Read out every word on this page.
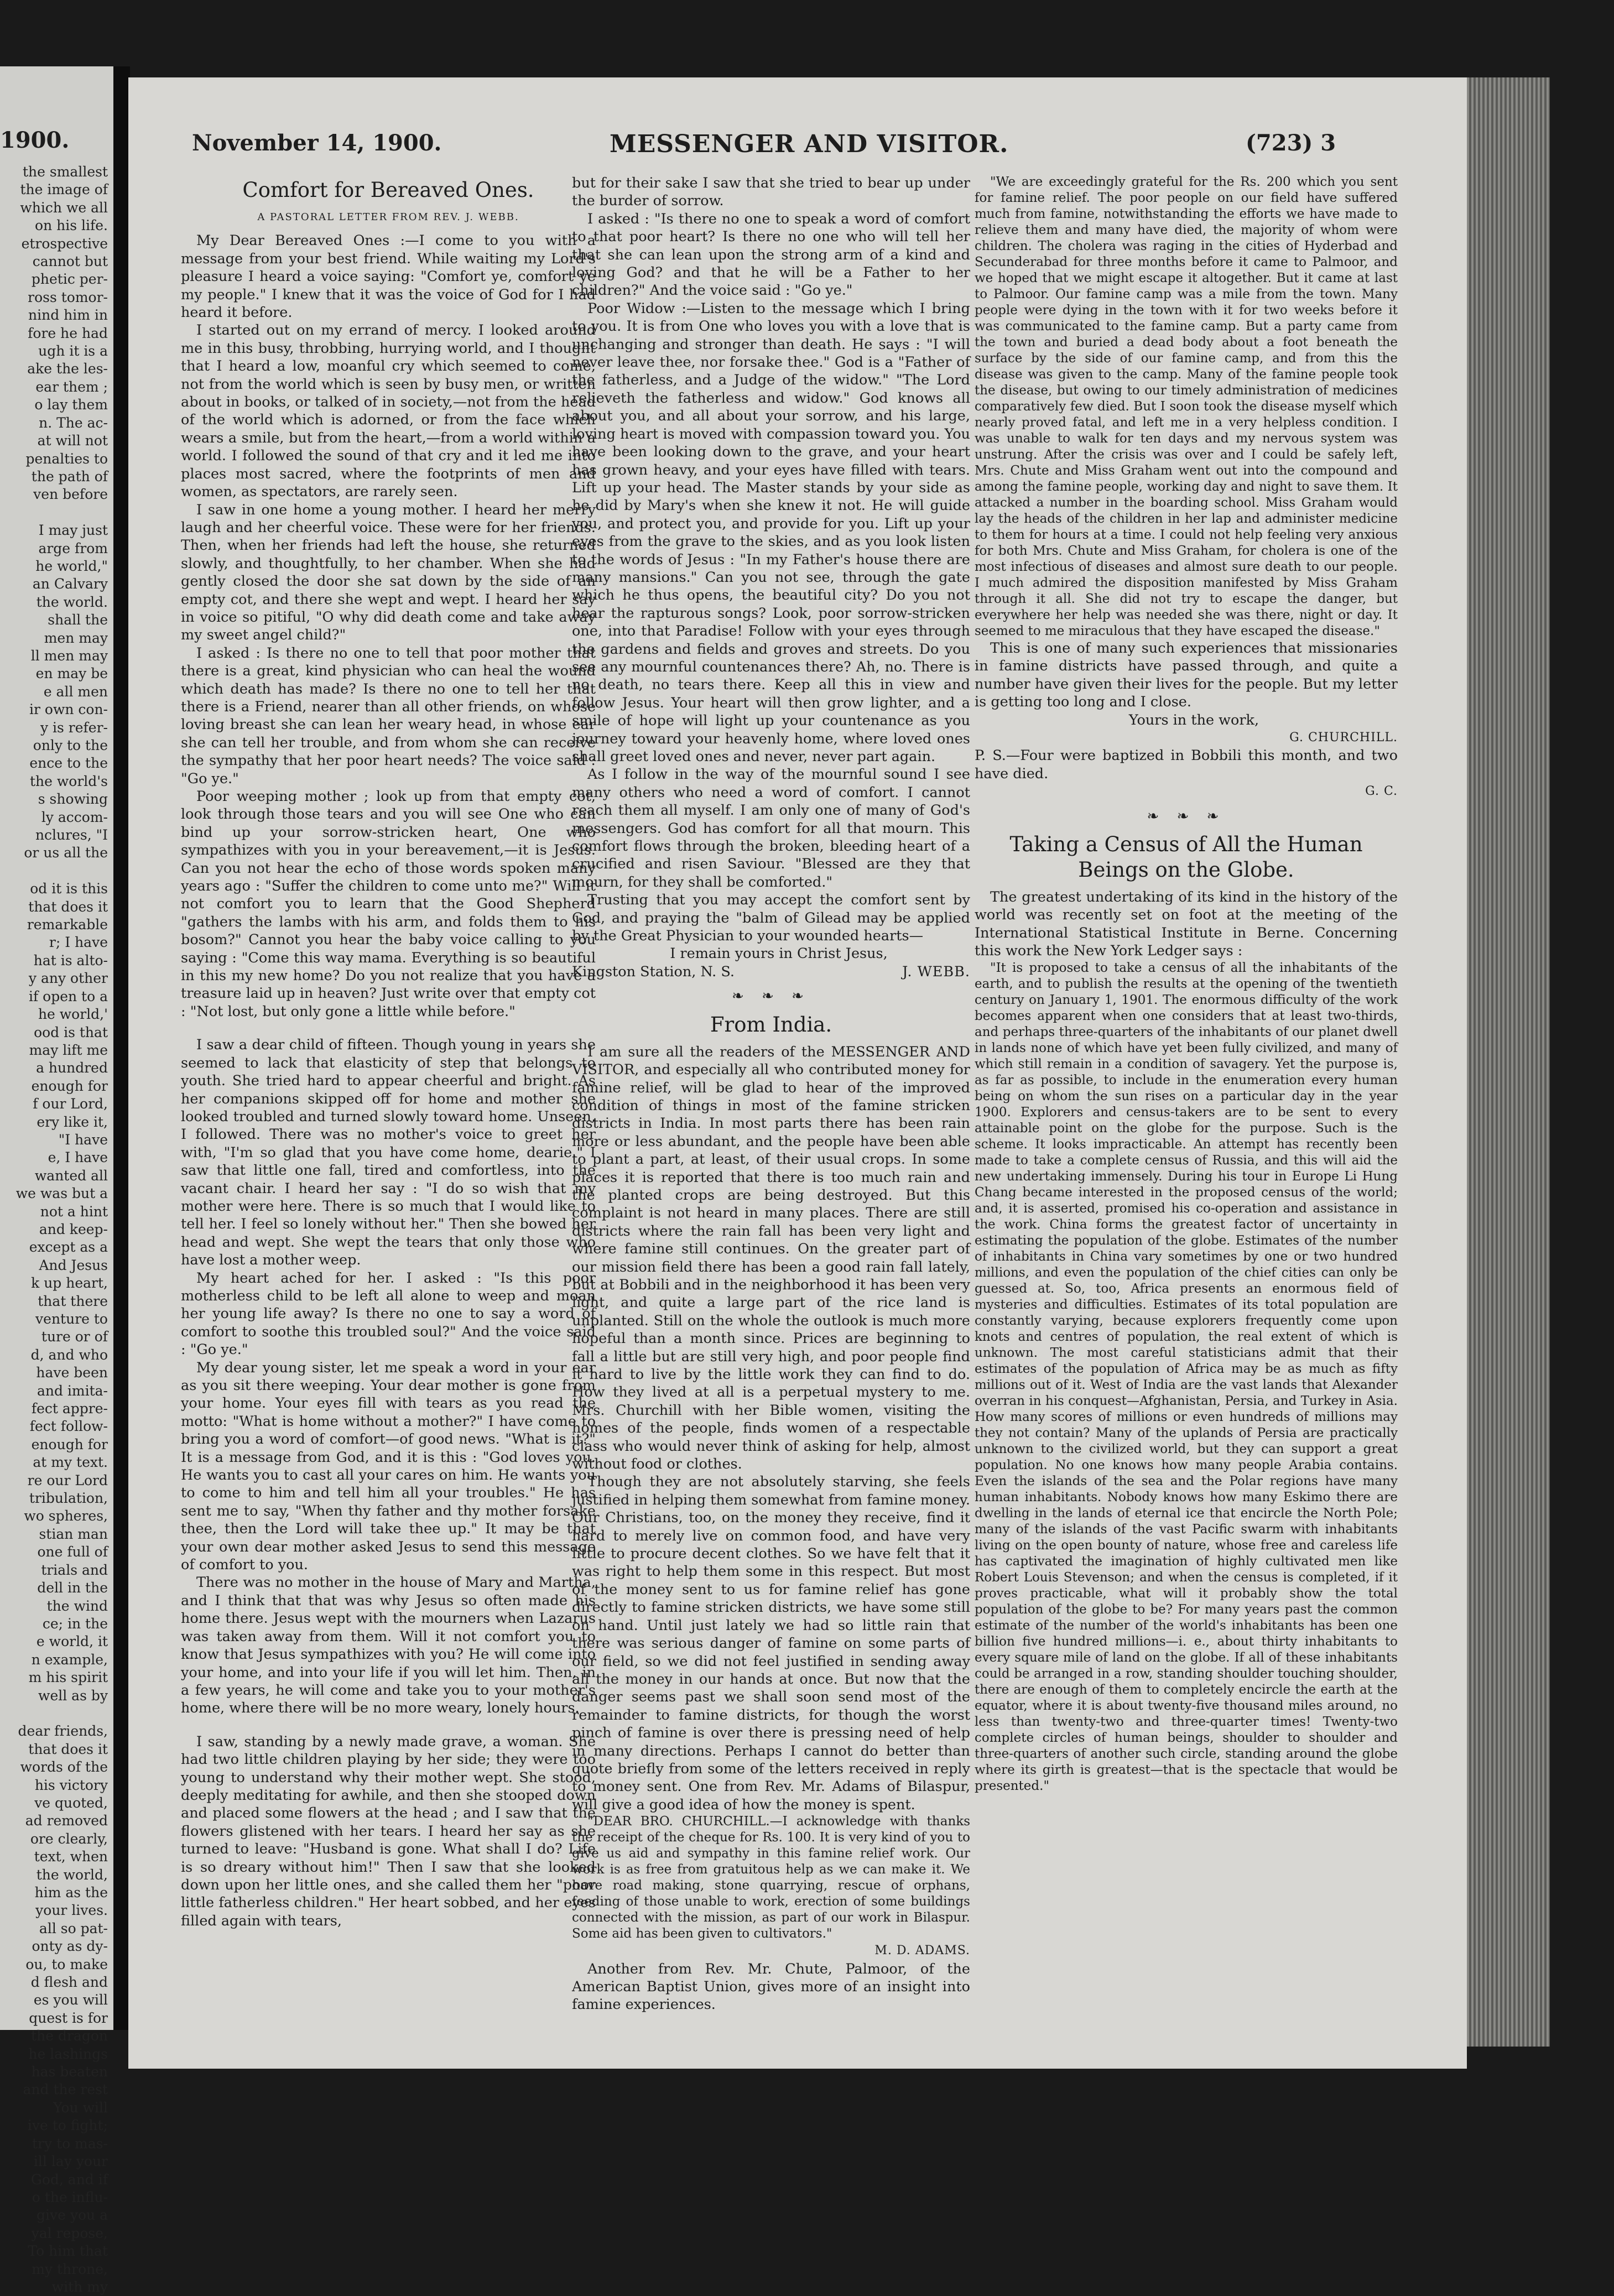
1900.
the smallest
the image of
which we all
on his life.
etrospective
cannot but
phetic per-
ross tomor-
nind him in
fore he had
ugh it is a
ake the les-
ear them ;
o lay them
n. The ac-
at will not
penalties to
the path of
ven before

I may just
arge from
he world,"
an Calvary
the world.
shall the
men may
ll men may
en may be
e all men
ir own con-
y is refer-
only to the
ence to the
the world's
s showing
ly accom-
nclures, "I
or us all the

od it is this
that does it
remarkable
r; I have
hat is alto-
y any other
if open to a
he world,'
ood is that
may lift me
a hundred
enough for
f our Lord,
ery like it,
"I have
e, I have
wanted all
we was but a
not a hint
and keep-
except as a
And Jesus
k up heart,
that there
venture to
ture or of
d, and who
have been
and imita-
fect appre-
fect follow-
enough for
at my text.
re our Lord
tribulation,
wo spheres,
stian man
one full of
trials and
dell in the
the wind
ce; in the
e world, it
n example,
m his spirit
well as by

dear friends,
that does it
words of the
his victory
ve quoted,
ad removed
ore clearly,
text, when
the world,
him as the
your lives.
all so pat-
onty as dy-
ou, to make
d flesh and
es you will
quest is for
the dragon
he lashings
has beaten
and the rest
You will
ive to fight;
try to mas-
ill lay your
God, and if
o the influ-
give you a
yal repose,
To him that
my throne,
with my
November 14, 1900.	MESSENGER AND VISITOR.	(723) 3
Comfort for Bereaved Ones.
A PASTORAL LETTER FROM REV. J. WEBB.

My Dear Bereaved Ones :—I come to you with a message from your best friend. While waiting my Lord's pleasure I heard a voice saying: "Comfort ye, comfort ye my people." I knew that it was the voice of God for I had heard it before.

I started out on my errand of mercy. I looked around me in this busy, throbbing, hurrying world, and I thought that I heard a low, moanful cry which seemed to come, not from the world which is seen by busy men, or written about in books, or talked of in society,—not from the head of the world which is adorned, or from the face which wears a smile, but from the heart,—from a world within a world. I followed the sound of that cry and it led me into places most sacred, where the footprints of men and women, as spectators, are rarely seen.

I saw in one home a young mother. I heard her merry laugh and her cheerful voice. These were for her friends. Then, when her friends had left the house, she returned slowly, and thoughtfully, to her chamber. When she had gently closed the door she sat down by the side of an empty cot, and there she wept and wept. I heard her say in voice so pitiful, "O why did death come and take away my sweet angel child?"

I asked : Is there no one to tell that poor mother that there is a great, kind physician who can heal the wound which death has made? Is there no one to tell her that there is a Friend, nearer than all other friends, on whose loving breast she can lean her weary head, in whose ear she can tell her trouble, and from whom she can receive the sympathy that her poor heart needs? The voice said : "Go ye."

Poor weeping mother ; look up from that empty cot, look through those tears and you will see One who can bind up your sorrow-stricken heart, One who sympathizes with you in your bereavement,—it is Jesus. Can you not hear the echo of those words spoken many years ago : "Suffer the children to come unto me?" Will it not comfort you to learn that the Good Shepherd "gathers the lambs with his arm, and folds them to his bosom?" Cannot you hear the baby voice calling to you saying : "Come this way mama. Everything is so beautiful in this my new home? Do you not realize that you have a treasure laid up in heaven? Just write over that empty cot : "Not lost, but only gone a little while before."

I saw a dear child of fifteen. Though young in years she seemed to lack that elasticity of step that belongs to youth. She tried hard to appear cheerful and bright. As her companions skipped off for home and mother she looked troubled and turned slowly toward home. Unseen, I followed. There was no mother's voice to greet her with, "I'm so glad that you have come home, dearie." I saw that little one fall, tired and comfortless, into the vacant chair. I heard her say : "I do so wish that my mother were here. There is so much that I would like to tell her. I feel so lonely without her." Then she bowed her head and wept. She wept the tears that only those who have lost a mother weep.

My heart ached for her. I asked : "Is this poor motherless child to be left all alone to weep and moan her young life away? Is there no one to say a word of comfort to soothe this troubled soul?" And the voice said : "Go ye."

My dear young sister, let me speak a word in your ear as you sit there weeping. Your dear mother is gone from your home. Your eyes fill with tears as you read the motto: "What is home without a mother?" I have come to bring you a word of comfort—of good news. "What is it?" It is a message from God, and it is this : "God loves you. He wants you to cast all your cares on him. He wants you to come to him and tell him all your troubles." He has sent me to say, "When thy father and thy mother forsake thee, then the Lord will take thee up." It may be that your own dear mother asked Jesus to send this message of comfort to you.

There was no mother in the house of Mary and Martha, and I think that that was why Jesus so often made his home there. Jesus wept with the mourners when Lazarus was taken away from them. Will it not comfort you to know that Jesus sympathizes with you? He will come into your home, and into your life if you will let him. Then, in a few years, he will come and take you to your mother's home, where there will be no more weary, lonely hours.

I saw, standing by a newly made grave, a woman. She had two little children playing by her side; they were too young to understand why their mother wept. She stood, deeply meditating for awhile, and then she stooped down and placed some flowers at the head ; and I saw that the flowers glistened with her tears. I heard her say as she turned to leave: "Husband is gone. What shall I do? Life is so dreary without him!" Then I saw that she looked down upon her little ones, and she called them her "poor little fatherless children." Her heart sobbed, and her eyes filled again with tears,

but for their sake I saw that she tried to bear up under the burder of sorrow.

I asked : "Is there no one to speak a word of comfort to that poor heart? Is there no one who will tell her that she can lean upon the strong arm of a kind and loving God? and that he will be a Father to her children?" And the voice said : "Go ye."

Poor Widow :—Listen to the message which I bring to you. It is from One who loves you with a love that is unchanging and stronger than death. He says : "I will never leave thee, nor forsake thee." God is a "Father of the fatherless, and a Judge of the widow." "The Lord relieveth the fatherless and widow." God knows all about you, and all about your sorrow, and his large, loving heart is moved with compassion toward you. You have been looking down to the grave, and your heart has grown heavy, and your eyes have filled with tears. Lift up your head. The Master stands by your side as he did by Mary's when she knew it not. He will guide you, and protect you, and provide for you. Lift up your eyes from the grave to the skies, and as you look listen to the words of Jesus : "In my Father's house there are many mansions." Can you not see, through the gate which he thus opens, the beautiful city? Do you not hear the rapturous songs? Look, poor sorrow-stricken one, into that Paradise! Follow with your eyes through the gardens and fields and groves and streets. Do you see any mournful countenances there? Ah, no. There is no death, no tears there. Keep all this in view and follow Jesus. Your heart will then grow lighter, and a smile of hope will light up your countenance as you journey toward your heavenly home, where loved ones shall greet loved ones and never, never part again.

As I follow in the way of the mournful sound I see many others who need a word of comfort. I cannot reach them all myself. I am only one of many of God's messengers. God has comfort for all that mourn. This comfort flows through the broken, bleeding heart of a crucified and risen Saviour. "Blessed are they that mourn, for they shall be comforted."

Trusting that you may accept the comfort sent by God, and praying the "balm of Gilead may be applied by the Great Physician to your wounded hearts—

I remain yours in Christ Jesus,

Kingston Station, N. S.	J. WEBB.
❧ ❧ ❧
From India.

I am sure all the readers of the MESSENGER AND VISITOR, and especially all who contributed money for famine relief, will be glad to hear of the improved condition of things in most of the famine stricken districts in India. In most parts there has been rain more or less abundant, and the people have been able to plant a part, at least, of their usual crops. In some places it is reported that there is too much rain and the planted crops are being destroyed. But this complaint is not heard in many places. There are still districts where the rain fall has been very light and where famine still continues. On the greater part of our mission field there has been a good rain fall lately, but at Bobbili and in the neighborhood it has been very light, and quite a large part of the rice land is unplanted. Still on the whole the outlook is much more hopeful than a month since. Prices are beginning to fall a little but are still very high, and poor people find it hard to live by the little work they can find to do. How they lived at all is a perpetual mystery to me. Mrs. Churchill with her Bible women, visiting the homes of the people, finds women of a respectable class who would never think of asking for help, almost without food or clothes.

Though they are not absolutely starving, she feels justified in helping them somewhat from famine money. Our Christians, too, on the money they receive, find it hard to merely live on common food, and have very little to procure decent clothes. So we have felt that it was right to help them some in this respect. But most of the money sent to us for famine relief has gone directly to famine stricken districts, we have some still on hand. Until just lately we had so little rain that there was serious danger of famine on some parts of our field, so we did not feel justified in sending away all the money in our hands at once. But now that the danger seems past we shall soon send most of the remainder to famine districts, for though the worst pinch of famine is over there is pressing need of help in many directions. Perhaps I cannot do better than quote briefly from some of the letters received in reply to money sent. One from Rev. Mr. Adams of Bilaspur, will give a good idea of how the money is spent.

"DEAR BRO. CHURCHILL.—I acknowledge with thanks the receipt of the cheque for Rs. 100. It is very kind of you to give us aid and sympathy in this famine relief work. Our work is as free from gratuitous help as we can make it. We have road making, stone quarrying, rescue of orphans, feeding of those unable to work, erection of some buildings connected with the mission, as part of our work in Bilaspur. Some aid has been given to cultivators."

M. D. ADAMS.

Another from Rev. Mr. Chute, Palmoor, of the American Baptist Union, gives more of an insight into famine experiences.

"We are exceedingly grateful for the Rs. 200 which you sent for famine relief. The poor people on our field have suffered much from famine, notwithstanding the efforts we have made to relieve them and many have died, the majority of whom were children. The cholera was raging in the cities of Hyderbad and Secunderabad for three months before it came to Palmoor, and we hoped that we might escape it altogether. But it came at last to Palmoor. Our famine camp was a mile from the town. Many people were dying in the town with it for two weeks before it was communicated to the famine camp. But a party came from the town and buried a dead body about a foot beneath the surface by the side of our famine camp, and from this the disease was given to the camp. Many of the famine people took the disease, but owing to our timely administration of medicines comparatively few died. But I soon took the disease myself which nearly proved fatal, and left me in a very helpless condition. I was unable to walk for ten days and my nervous system was unstrung. After the crisis was over and I could be safely left, Mrs. Chute and Miss Graham went out into the compound and among the famine people, working day and night to save them. It attacked a number in the boarding school. Miss Graham would lay the heads of the children in her lap and administer medicine to them for hours at a time. I could not help feeling very anxious for both Mrs. Chute and Miss Graham, for cholera is one of the most infectious of diseases and almost sure death to our people. I much admired the disposition manifested by Miss Graham through it all. She did not try to escape the danger, but everywhere her help was needed she was there, night or day. It seemed to me miraculous that they have escaped the disease."

This is one of many such experiences that missionaries in famine districts have passed through, and quite a number have given their lives for the people. But my letter is getting too long and I close.

Yours in the work,

G. CHURCHILL.
P. S.—Four were baptized in Bobbili this month, and two have died.
G. C.
❧ ❧ ❧
Taking a Census of All the Human Beings on the Globe.

The greatest undertaking of its kind in the history of the world was recently set on foot at the meeting of the International Statistical Institute in Berne. Concerning this work the New York Ledger says :

"It is proposed to take a census of all the inhabitants of the earth, and to publish the results at the opening of the twentieth century on January 1, 1901. The enormous difficulty of the work becomes apparent when one considers that at least two-thirds, and perhaps three-quarters of the inhabitants of our planet dwell in lands none of which have yet been fully civilized, and many of which still remain in a condition of savagery. Yet the purpose is, as far as possible, to include in the enumeration every human being on whom the sun rises on a particular day in the year 1900. Explorers and census-takers are to be sent to every attainable point on the globe for the purpose. Such is the scheme. It looks impracticable. An attempt has recently been made to take a complete census of Russia, and this will aid the new undertaking immensely. During his tour in Europe Li Hung Chang became interested in the proposed census of the world; and, it is asserted, promised his co-operation and assistance in the work. China forms the greatest factor of uncertainty in estimating the population of the globe. Estimates of the number of inhabitants in China vary sometimes by one or two hundred millions, and even the population of the chief cities can only be guessed at. So, too, Africa presents an enormous field of mysteries and difficulties. Estimates of its total population are constantly varying, because explorers frequently come upon knots and centres of population, the real extent of which is unknown. The most careful statisticians admit that their estimates of the population of Africa may be as much as fifty millions out of it. West of India are the vast lands that Alexander overran in his conquest—Afghanistan, Persia, and Turkey in Asia. How many scores of millions or even hundreds of millions may they not contain? Many of the uplands of Persia are practically unknown to the civilized world, but they can support a great population. No one knows how many people Arabia contains. Even the islands of the sea and the Polar regions have many human inhabitants. Nobody knows how many Eskimo there are dwelling in the lands of eternal ice that encircle the North Pole; many of the islands of the vast Pacific swarm with inhabitants living on the open bounty of nature, whose free and careless life has captivated the imagination of highly cultivated men like Robert Louis Stevenson; and when the census is completed, if it proves practicable, what will it probably show the total population of the globe to be? For many years past the common estimate of the number of the world's inhabitants has been one billion five hundred millions—i. e., about thirty inhabitants to every square mile of land on the globe. If all of these inhabitants could be arranged in a row, standing shoulder touching shoulder, there are enough of them to completely encircle the earth at the equator, where it is about twenty-five thousand miles around, no less than twenty-two and three-quarter times! Twenty-two complete circles of human beings, shoulder to shoulder and three-quarters of another such circle, standing around the globe where its girth is greatest—that is the spectacle that would be presented."
